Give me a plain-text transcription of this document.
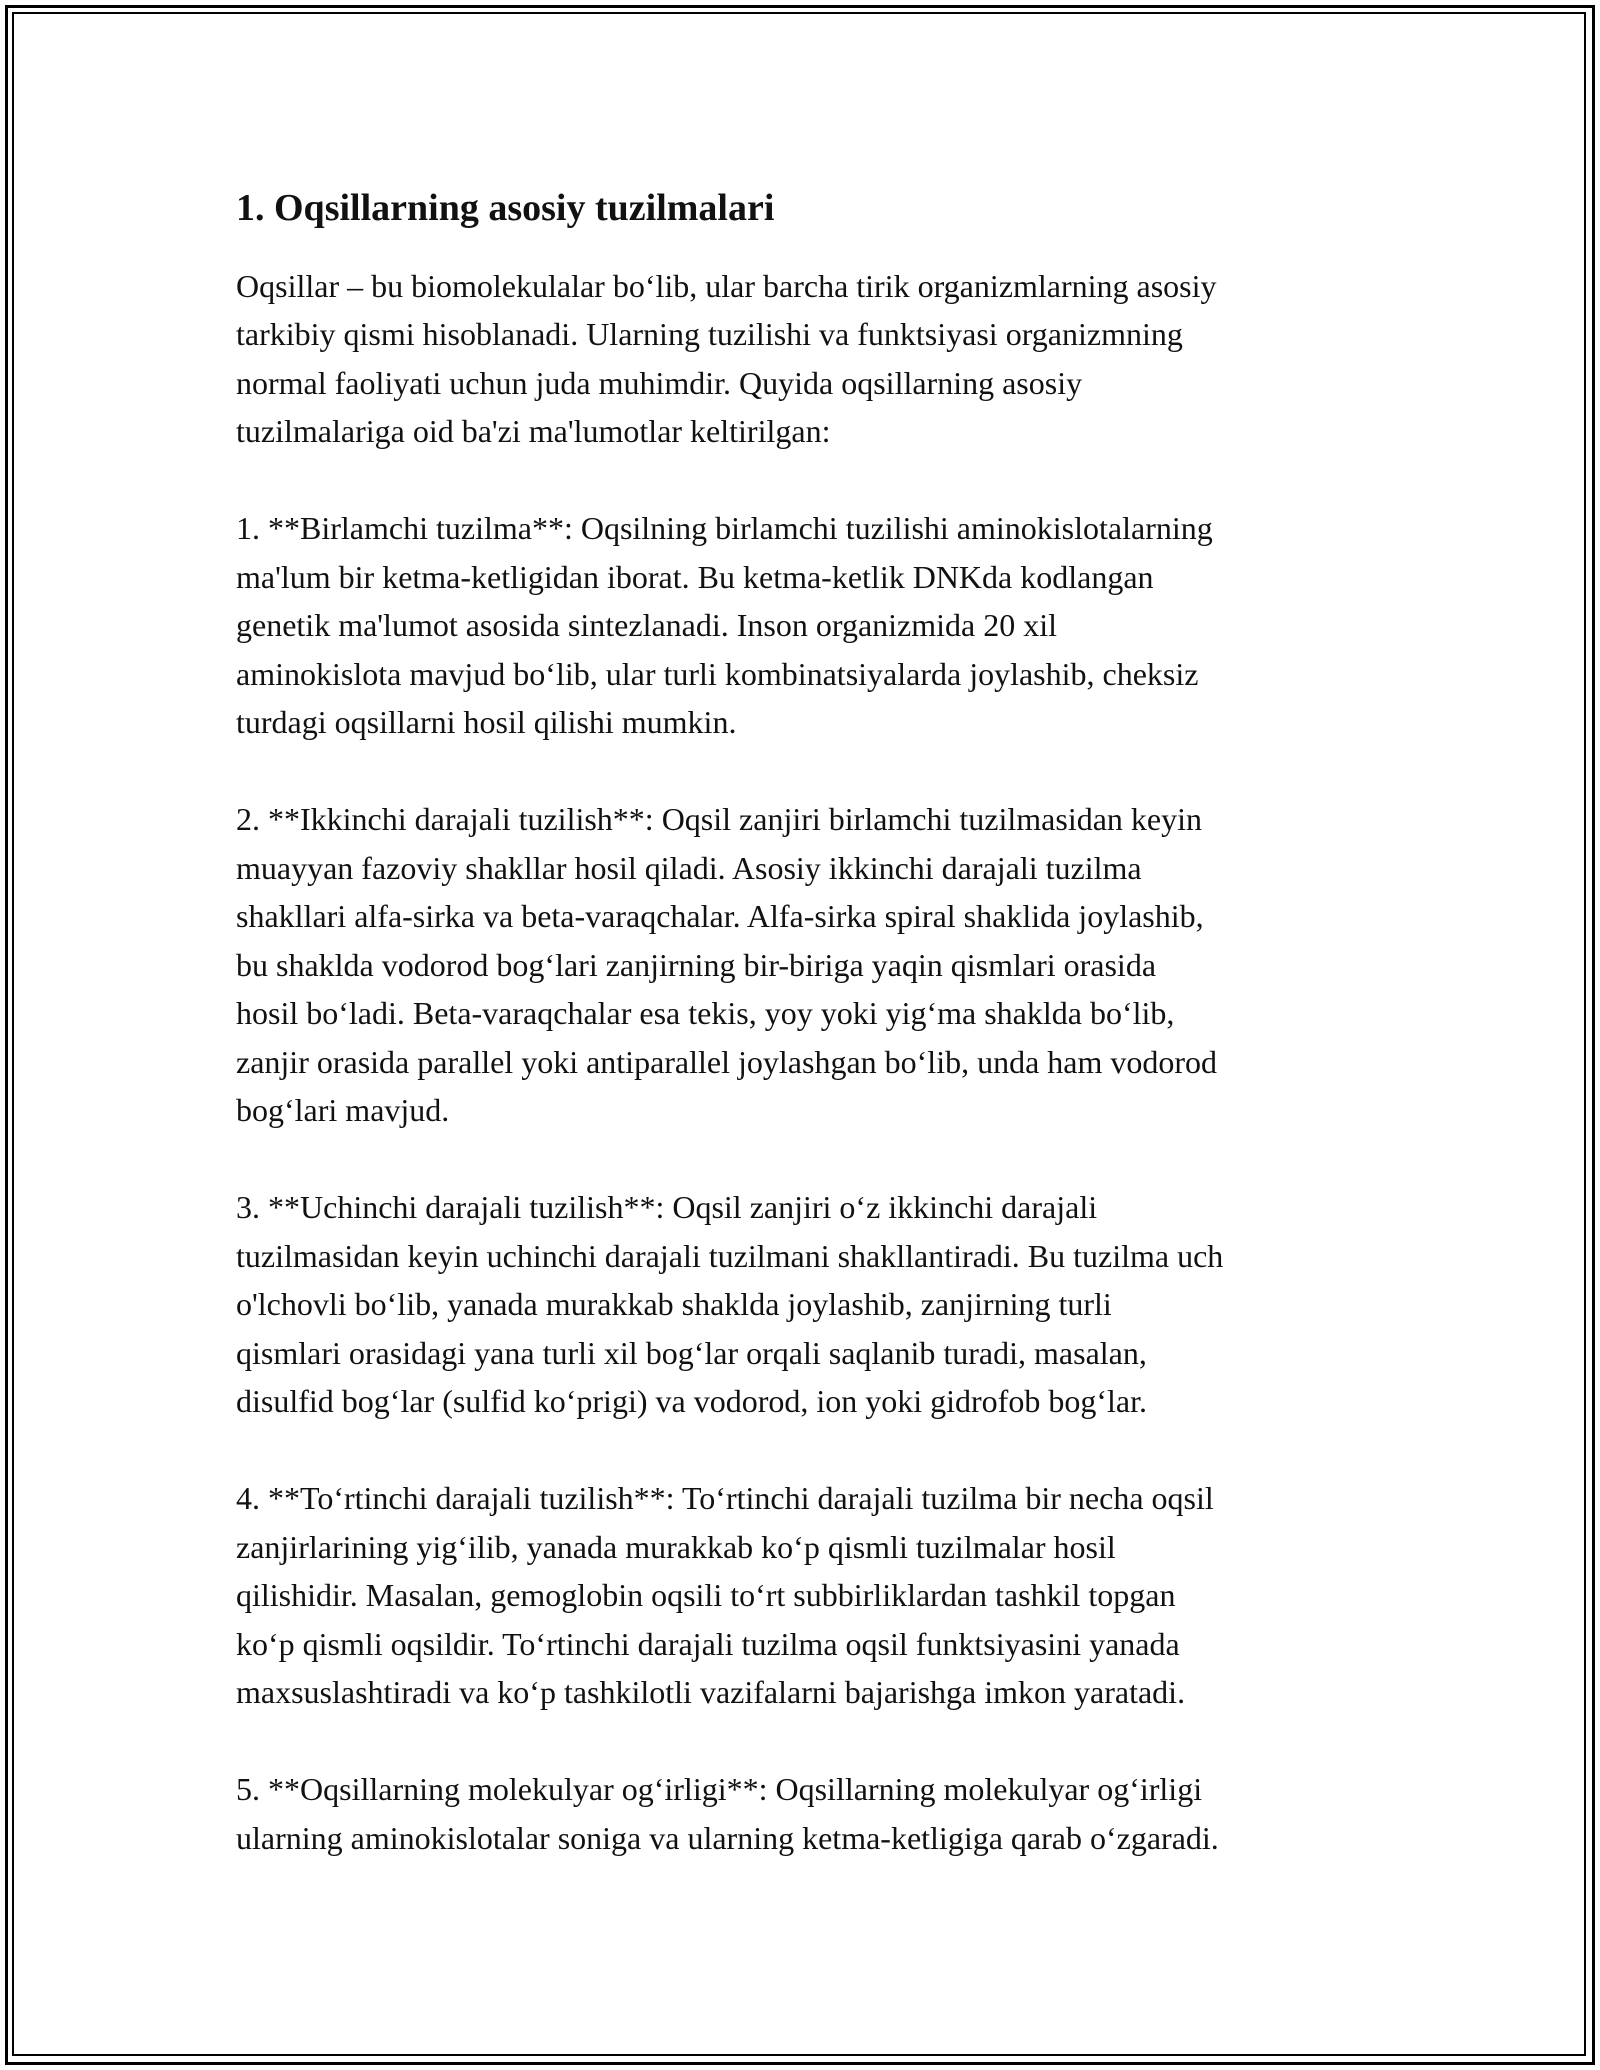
1. Oqsillarning asosiy tuzilmalari

Oqsillar – bu biomolekulalar bo‘lib, ular barcha tirik organizmlarning asosiy
tarkibiy qismi hisoblanadi. Ularning tuzilishi va funktsiyasi organizmning
normal faoliyati uchun juda muhimdir. Quyida oqsillarning asosiy
tuzilmalariga oid ba'zi ma'lumotlar keltirilgan:

1. **Birlamchi tuzilma**: Oqsilning birlamchi tuzilishi aminokislotalarning
ma'lum bir ketma-ketligidan iborat. Bu ketma-ketlik DNKda kodlangan
genetik ma'lumot asosida sintezlanadi. Inson organizmida 20 xil
aminokislota mavjud bo‘lib, ular turli kombinatsiyalarda joylashib, cheksiz
turdagi oqsillarni hosil qilishi mumkin.

2. **Ikkinchi darajali tuzilish**: Oqsil zanjiri birlamchi tuzilmasidan keyin
muayyan fazoviy shakllar hosil qiladi. Asosiy ikkinchi darajali tuzilma
shakllari alfa-sirka va beta-varaqchalar. Alfa-sirka spiral shaklida joylashib,
bu shaklda vodorod bog‘lari zanjirning bir-biriga yaqin qismlari orasida
hosil bo‘ladi. Beta-varaqchalar esa tekis, yoy yoki yig‘ma shaklda bo‘lib,
zanjir orasida parallel yoki antiparallel joylashgan bo‘lib, unda ham vodorod
bog‘lari mavjud.

3. **Uchinchi darajali tuzilish**: Oqsil zanjiri o‘z ikkinchi darajali
tuzilmasidan keyin uchinchi darajali tuzilmani shakllantiradi. Bu tuzilma uch
o'lchovli bo‘lib, yanada murakkab shaklda joylashib, zanjirning turli
qismlari orasidagi yana turli xil bog‘lar orqali saqlanib turadi, masalan,
disulfid bog‘lar (sulfid ko‘prigi) va vodorod, ion yoki gidrofob bog‘lar.

4. **To‘rtinchi darajali tuzilish**: To‘rtinchi darajali tuzilma bir necha oqsil
zanjirlarining yig‘ilib, yanada murakkab ko‘p qismli tuzilmalar hosil
qilishidir. Masalan, gemoglobin oqsili to‘rt subbirliklardan tashkil topgan
ko‘p qismli oqsildir. To‘rtinchi darajali tuzilma oqsil funktsiyasini yanada
maxsuslashtiradi va ko‘p tashkilotli vazifalarni bajarishga imkon yaratadi.

5. **Oqsillarning molekulyar og‘irligi**: Oqsillarning molekulyar og‘irligi
ularning aminokislotalar soniga va ularning ketma-ketligiga qarab o‘zgaradi.
